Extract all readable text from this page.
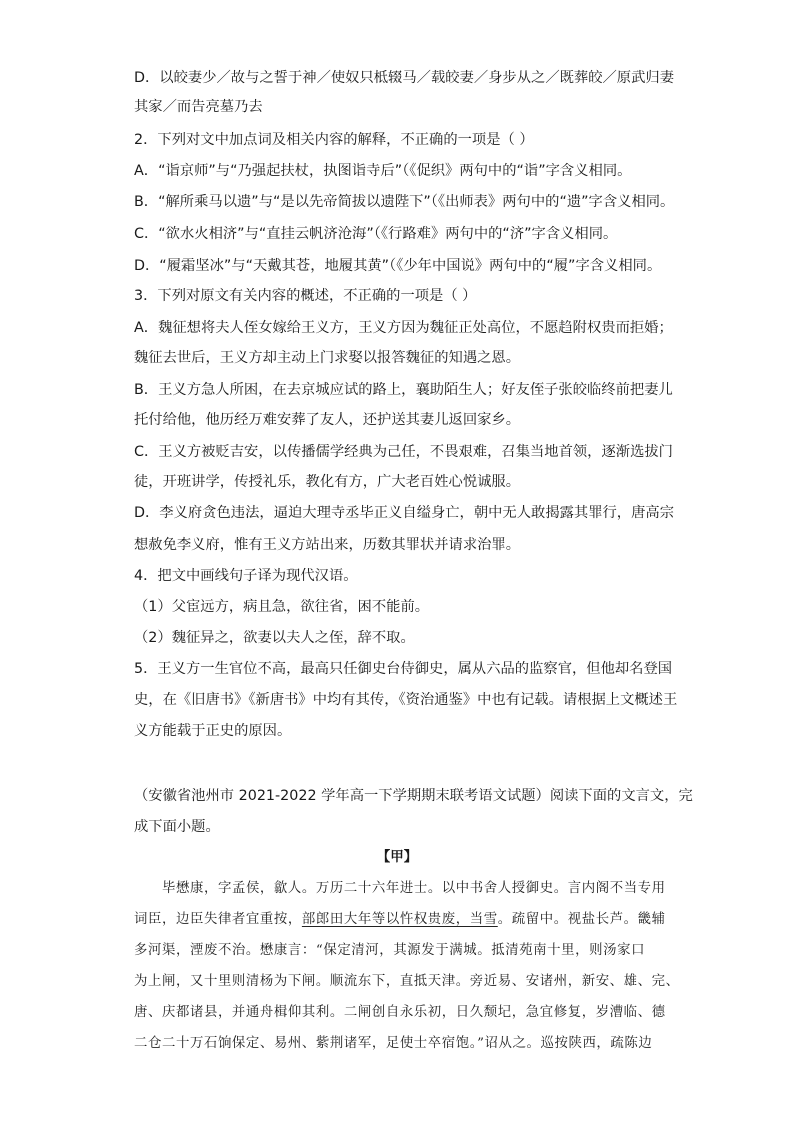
D．以皎妻少／故与之誓于神／使奴只柢辍马／载皎妻／身步从之／既葬皎／原武归妻
其家／而告亮墓乃去
2．下列对文中加点词及相关内容的解释，不正确的一项是（ ）
A．“诣京师”与“乃强起扶杖，执图诣寺后”（《促织》两句中的“诣”字含义相同。
B．“解所乘马以遗”与“是以先帝简拔以遗陛下”（《出师表》两句中的“遗”字含义相同。
C．“欲水火相济”与“直挂云帆济沧海”（《行路难》两句中的“济”字含义相同。
D．“履霜坚冰”与“天戴其苍，地履其黄”（《少年中国说》两句中的“履”字含义相同。
3．下列对原文有关内容的概述，不正确的一项是（ ）
A．魏征想将夫人侄女嫁给王义方，王义方因为魏征正处高位，不愿趋附权贵而拒婚；
魏征去世后，王义方却主动上门求娶以报答魏征的知遇之恩。
B．王义方急人所困，在去京城应试的路上，襄助陌生人；好友侄子张皎临终前把妻儿
托付给他，他历经万难安葬了友人，还护送其妻儿返回家乡。
C．王义方被贬吉安，以传播儒学经典为己任，不畏艰难，召集当地首领，逐渐选拔门
徒，开班讲学，传授礼乐，教化有方，广大老百姓心悦诚服。
D．李义府贪色违法，逼迫大理寺丞毕正义自缢身亡，朝中无人敢揭露其罪行，唐高宗
想赦免李义府，惟有王义方站出来，历数其罪状并请求治罪。
4．把文中画线句子译为现代汉语。
（1）父宦远方，病且急，欲往省，困不能前。
（2）魏征异之，欲妻以夫人之侄，辞不取。
5．王义方一生官位不高，最高只任御史台侍御史，属从六品的监察官，但他却名登国
史，在《旧唐书》《新唐书》中均有其传，《资治通鉴》中也有记载。请根据上文概述王
义方能载于正史的原因。
（安徽省池州市 2021-2022 学年高一下学期期末联考语文试题）阅读下面的文言文，完
成下面小题。
【甲】
毕懋康，字孟侯，歙人。万历二十六年进士。以中书舍人授御史。言内阁不当专用
词臣，边臣失律者宜重按，部郎田大年等以忤权贵废，当雪。疏留中。视盐长芦。畿辅
多河渠，湮废不治。懋康言：“保定清河，其源发于满城。抵清苑南十里，则汤家口
为上闸，又十里则清杨为下闸。顺流东下，直抵天津。旁近易、安诸州，新安、雄、完、
唐、庆都诸县，并通舟楫仰其利。二闸创自永乐初，日久颓圮，急宜修复，岁漕临、德
二仓二十万石饷保定、易州、紫荆诸军，足使士卒宿饱。”诏从之。巡按陕西，疏陈边
